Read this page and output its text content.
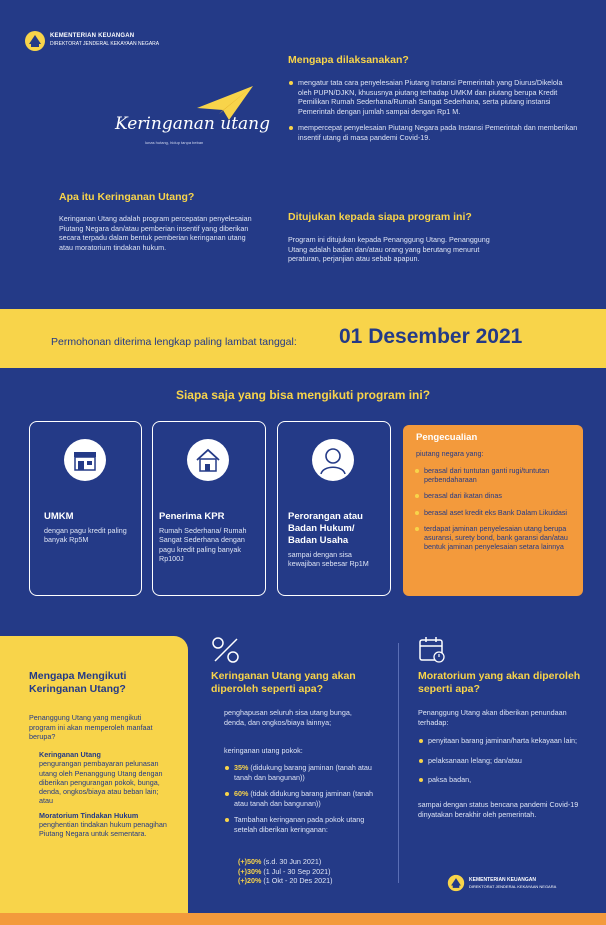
KEMENTERIAN KEUANGAN
DIREKTORAT JENDERAL KEKAYAAN NEGARA
Keringanan utang
lunas hutang, hidup tanpa beban
Apa itu Keringanan Utang?
Keringanan Utang adalah program percepatan penyelesaian Piutang Negara dan/atau pemberian insentif yang diberikan secara terpadu dalam bentuk pemberian keringanan utang atau moratorium tindakan hukum.
Mengapa dilaksanakan?
mengatur tata cara penyelesaian Piutang Instansi Pemerintah yang Diurus/Dikelola oleh PUPN/DJKN, khususnya piutang terhadap UMKM dan piutang berupa Kredit Pemilikan Rumah Sederhana/Rumah Sangat Sederhana, serta piutang instansi Pemerintah dengan jumlah sampai dengan Rp1 M.
mempercepat penyelesaian Piutang Negara pada Instansi Pemerintah dan memberikan insentif utang di masa pandemi Covid-19.
Ditujukan kepada siapa program ini?
Program ini ditujukan kepada Penanggung Utang. Penanggung Utang adalah badan dan/atau orang yang berutang menurut peraturan, perjanjian atau sebab apapun.
Permohonan diterima lengkap paling lambat tanggal: 01 Desember 2021
Siapa saja yang bisa mengikuti program ini?
UMKM
dengan pagu kredit paling banyak Rp5M
Penerima KPR
Rumah Sederhana/ Rumah Sangat Sederhana dengan pagu kredit paling banyak Rp100J
Perorangan atau Badan Hukum/ Badan Usaha
sampai dengan sisa kewajiban sebesar Rp1M
Pengecualian
piutang negara yang:
berasal dari tuntutan ganti rugi/tuntutan perbendaharaan
berasal dari ikatan dinas
berasal aset kredit eks Bank Dalam Likuidasi
terdapat jaminan penyelesaian utang berupa asuransi, surety bond, bank garansi dan/atau bentuk jaminan penyelesaian setara lainnya
Mengapa Mengikuti Keringanan Utang?
Penanggung Utang yang mengikuti program ini akan memperoleh manfaat berupa?
Keringanan Utang
pengurangan pembayaran pelunasan utang oleh Penanggung Utang dengan diberikan pengurangan pokok, bunga, denda, ongkos/biaya atau beban lain; atau
Moratorium Tindakan Hukum
penghentian tindakan hukum penagihan Piutang Negara untuk sementara.
Keringanan Utang yang akan diperoleh seperti apa?
penghapusan seluruh sisa utang bunga, denda, dan ongkos/biaya lainnya;
keringanan utang pokok:
35% (didukung barang jaminan (tanah atau tanah dan bangunan))
60% (tidak didukung barang jaminan (tanah atau tanah dan bangunan))
Tambahan keringanan pada pokok utang setelah diberikan keringanan:
(+)50% (s.d. 30 Jun 2021)
(+)30% (1 Jul - 30 Sep 2021)
(+)20% (1 Okt - 20 Des 2021)
Moratorium yang akan diperoleh seperti apa?
Penanggung Utang akan diberikan penundaan terhadap:
penyitaan barang jaminan/harta kekayaan lain;
pelaksanaan lelang; dan/atau
paksa badan,
sampai dengan status bencana pandemi Covid-19 dinyatakan berakhir oleh pemerintah.
KEMENTERIAN KEUANGAN
DIREKTORAT JENDERAL KEKAYAAN NEGARA
